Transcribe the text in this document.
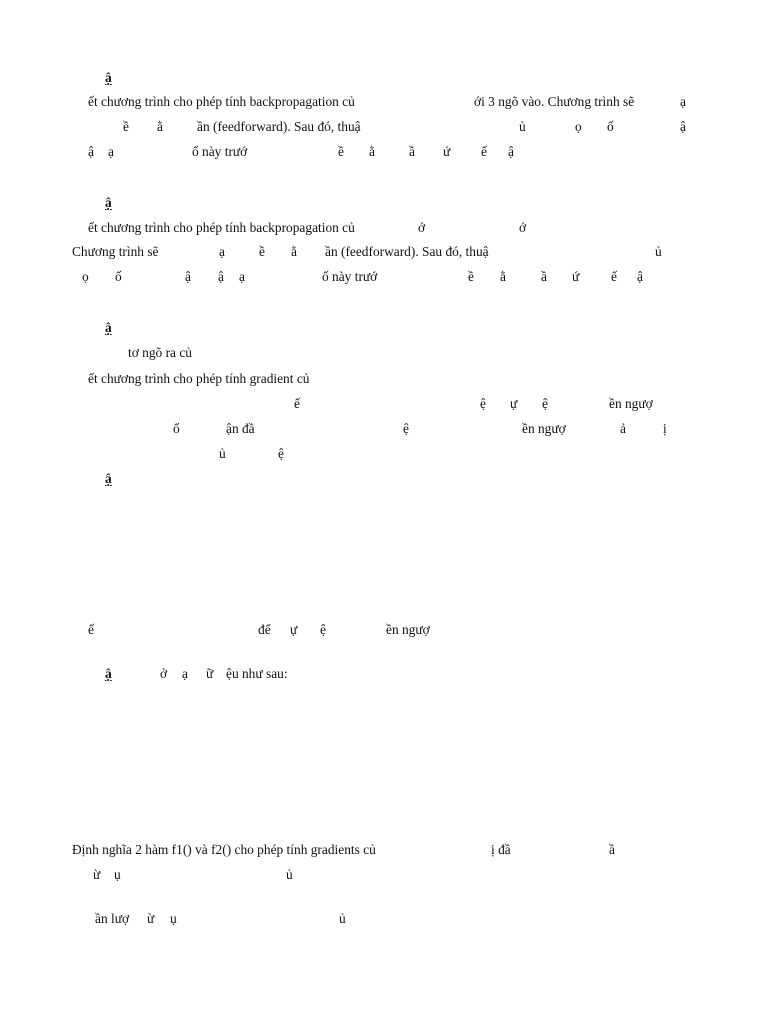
ậ
ết chương trình cho phép tính backpropagation củ	ới 3 ngõ vào. Chương trình sẽ	ạ
ề ằ	ần (feedforward). Sau đó, thuậ	ủ	ọ ố	ậ
ậ ạ	ố này trướ	ề ằ	ầ ứ ế ậ
ậ
ết chương trình cho phép tính backpropagation củ	ớ	ớ
Chương trình sẽ	ạ	ề ằ ần (feedforward). Sau đó, thuậ	ủ
ọ ố	ậ ậ ạ	ố này trướ	ề ằ	ầ ứ ế ậ
ậ
tơ ngõ ra củ
ết chương trình cho phép tính gradient củ
ế	ệ ự ệ	ền ngượ
ố	ận đầ	ệ	ền ngượ	ả	ị
ủ	ệ
ậ
ế	để ự ệ	ền ngượ
ậ	ở ạ ữ ệu như sau:
Định nghĩa 2 hàm f1() và f2() cho phép tính gradients củ	ị đầ	ầ
ừ ụ	ủ
ần lượ ừ ụ	ủ
